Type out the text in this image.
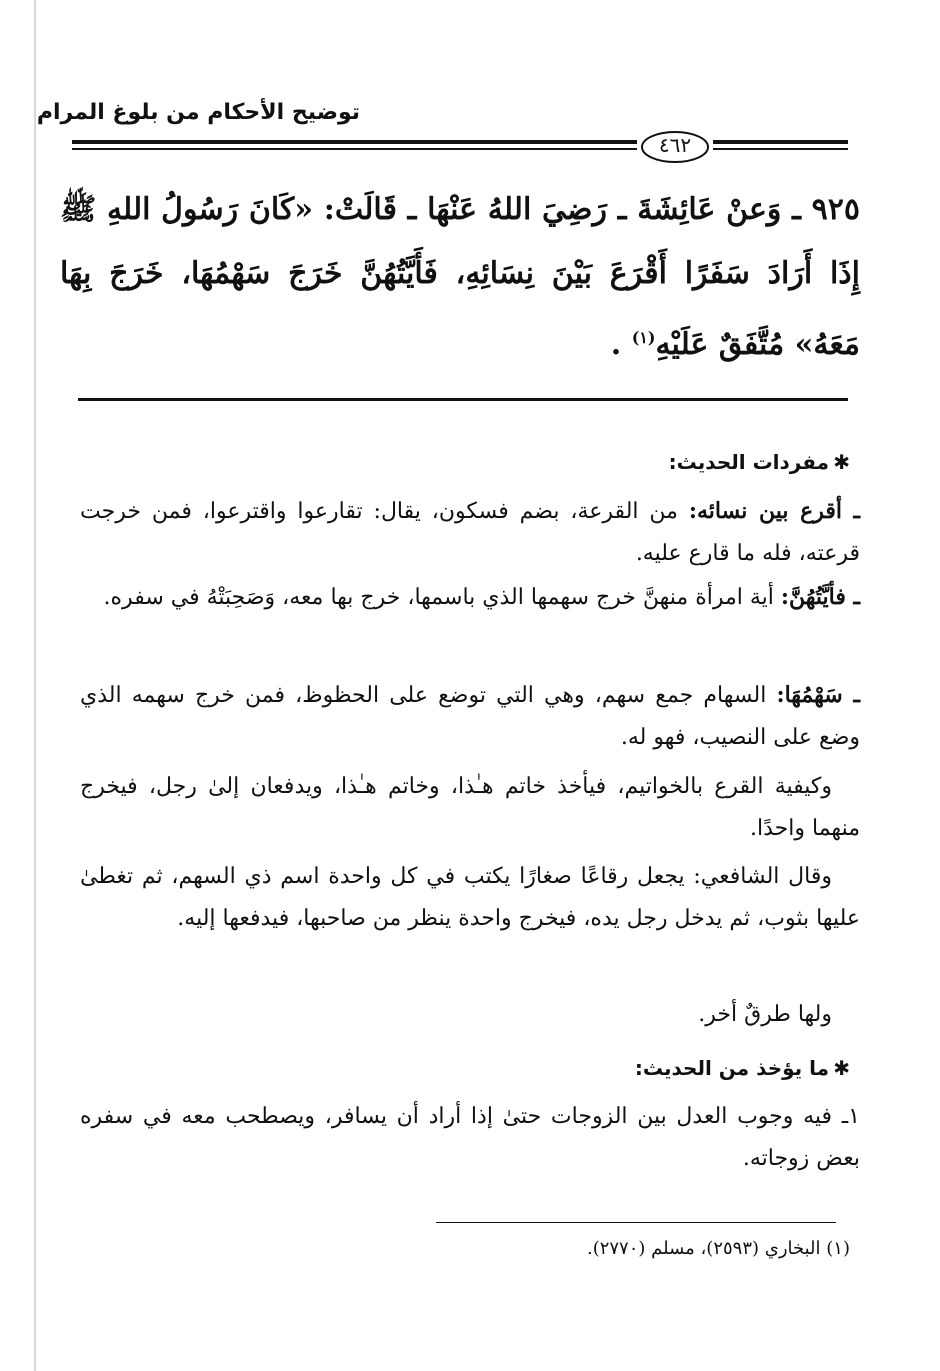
توضيح الأحكام من بلوغ المرام
٤٦٢
٩٢٥ ـ وَعنْ عَائِشَةَ ـ رَضِيَ اللهُ عَنْهَا ـ قَالَتْ: «كَانَ رَسُولُ اللهِ ﷺ إِذَا أَرَادَ سَفَرًا أَقْرَعَ بَيْنَ نِسَائِهِ، فَأَيَّتُهُنَّ خَرَجَ سَهْمُهَا، خَرَجَ بِهَا مَعَهُ» مُتَّفَقٌ عَلَيْهِ$^{(١)}$ .
✱ مفردات الحديث:
ـ أقرع بين نسائه: من القرعة، بضم فسكون، يقال: تقارعوا واقترعوا، فمن خرجت قرعته، فله ما قارع عليه.
ـ فأيَّتُهُنَّ: أية امرأة منهنَّ خرج سهمها الذي باسمها، خرج بها معه، وَصَحِبَتْهُ في سفره.
ـ سَهْمُهَا: السهام جمع سهم، وهي التي توضع على الحظوظ، فمن خرج سهمه الذي وضع على النصيب، فهو له.
وكيفية القرع بالخواتيم، فيأخذ خاتم هـٰذا، وخاتم هـٰذا، ويدفعان إلىٰ رجل، فيخرج منهما واحدًا.
وقال الشافعي: يجعل رقاعًا صغارًا يكتب في كل واحدة اسم ذي السهم، ثم تغطىٰ عليها بثوب، ثم يدخل رجل يده، فيخرج واحدة ينظر من صاحبها، فيدفعها إليه.
ولها طرقٌ أخر.
✱ ما يؤخذ من الحديث:
١ـ فيه وجوب العدل بين الزوجات حتىٰ إذا أراد أن يسافر، ويصطحب معه في سفره بعض زوجاته.
(١) البخاري (٢٥٩٣)، مسلم (٢٧٧٠).
